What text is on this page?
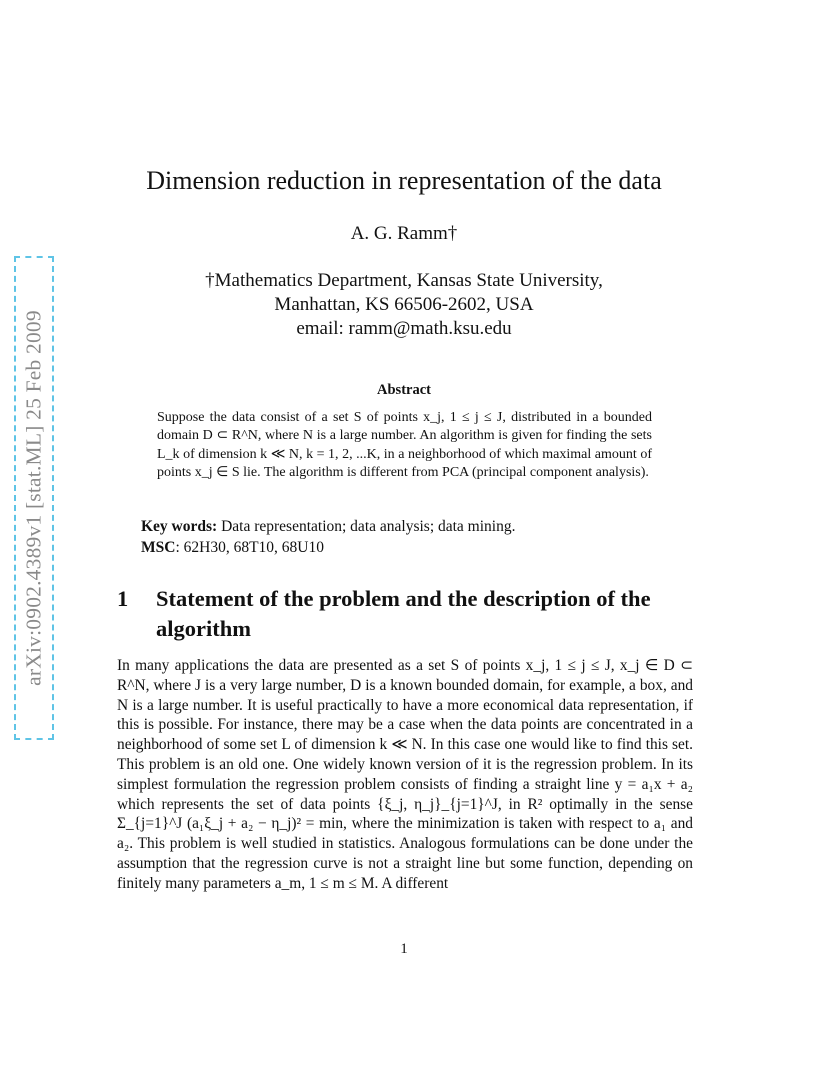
arXiv:0902.4389v1 [stat.ML] 25 Feb 2009
Dimension reduction in representation of the data
A. G. Ramm†
†Mathematics Department, Kansas State University,
Manhattan, KS 66506-2602, USA
email: ramm@math.ksu.edu
Abstract

Suppose the data consist of a set S of points x_j, 1 ≤ j ≤ J, distributed in a bounded domain D ⊂ R^N, where N is a large number. An algorithm is given for finding the sets L_k of dimension k ≪ N, k = 1, 2, ...K, in a neighborhood of which maximal amount of points x_j ∈ S lie. The algorithm is different from PCA (principal component analysis).

Key words: Data representation; data analysis; data mining.
MSC: 62H30, 68T10, 68U10
1 Statement of the problem and the description of the algorithm

In many applications the data are presented as a set S of points x_j, 1 ≤ j ≤ J, x_j ∈ D ⊂ R^N, where J is a very large number, D is a known bounded domain, for example, a box, and N is a large number. It is useful practically to have a more economical data representation, if this is possible. For instance, there may be a case when the data points are concentrated in a neighborhood of some set L of dimension k ≪ N. In this case one would like to find this set. This problem is an old one. One widely known version of it is the regression problem. In its simplest formulation the regression problem consists of finding a straight line y = a₁x + a₂ which represents the set of data points {ξ_j, η_j}_{j=1}^J, in R² optimally in the sense Σ_{j=1}^J (a₁ξ_j + a₂ − η_j)² = min, where the minimization is taken with respect to a₁ and a₂. This problem is well studied in statistics. Analogous formulations can be done under the assumption that the regression curve is not a straight line but some function, depending on finitely many parameters a_m, 1 ≤ m ≤ M. A different

1
